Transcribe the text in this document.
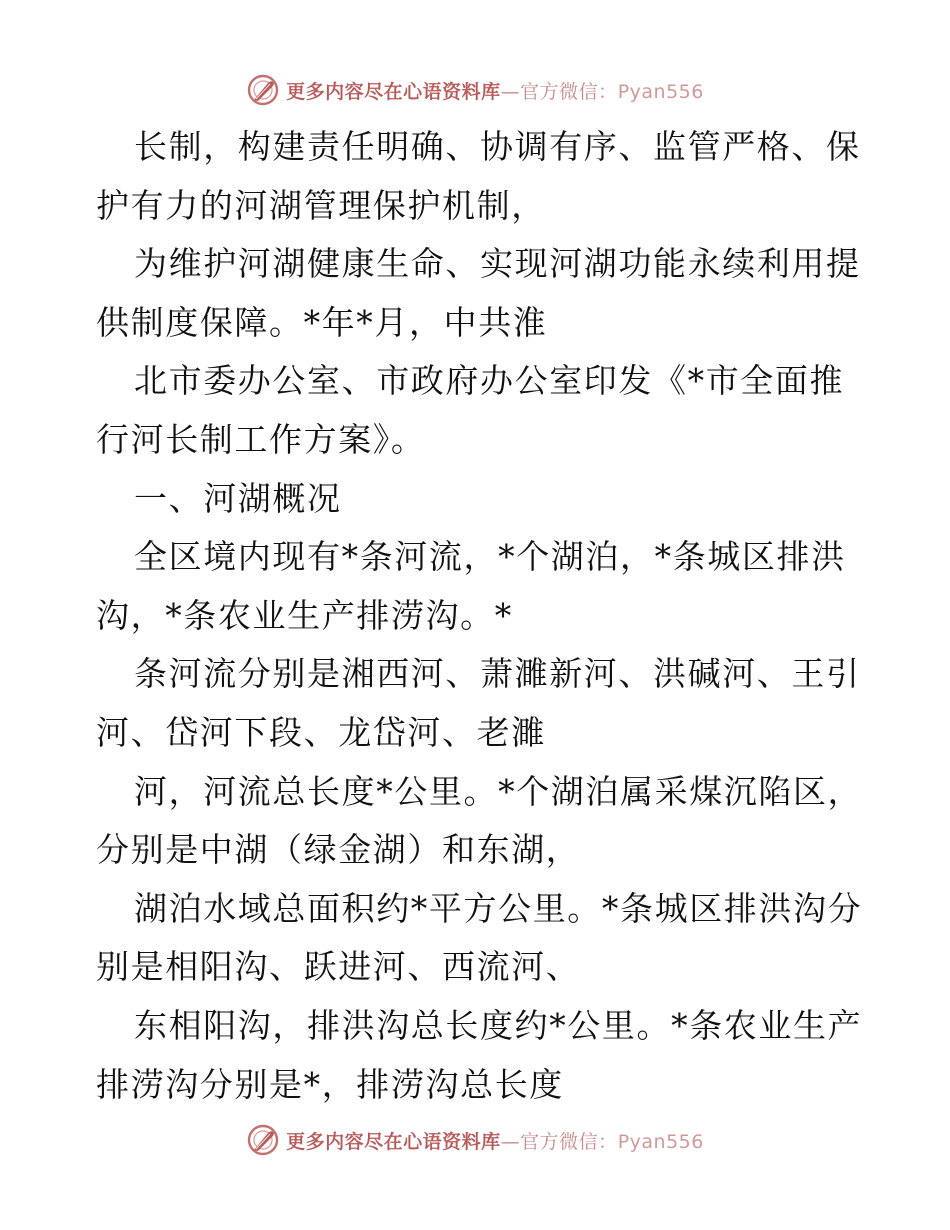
更多内容尽在心语资料库—官方微信：Pyan556
长制，构建责任明确、协调有序、监管严格、保
护有力的河湖管理保护机制，
为维护河湖健康生命、实现河湖功能永续利用提
供制度保障。*年*月，中共淮
北市委办公室、市政府办公室印发《*市全面推
行河长制工作方案》。
一、河湖概况
全区境内现有*条河流，*个湖泊，*条城区排洪
沟，*条农业生产排涝沟。*
条河流分别是湘西河、萧濉新河、洪碱河、王引
河、岱河下段、龙岱河、老濉
河，河流总长度*公里。*个湖泊属采煤沉陷区，
分别是中湖（绿金湖）和东湖，
湖泊水域总面积约*平方公里。*条城区排洪沟分
别是相阳沟、跃进河、西流河、
东相阳沟，排洪沟总长度约*公里。*条农业生产
排涝沟分别是*，排涝沟总长度
更多内容尽在心语资料库—官方微信：Pyan556
